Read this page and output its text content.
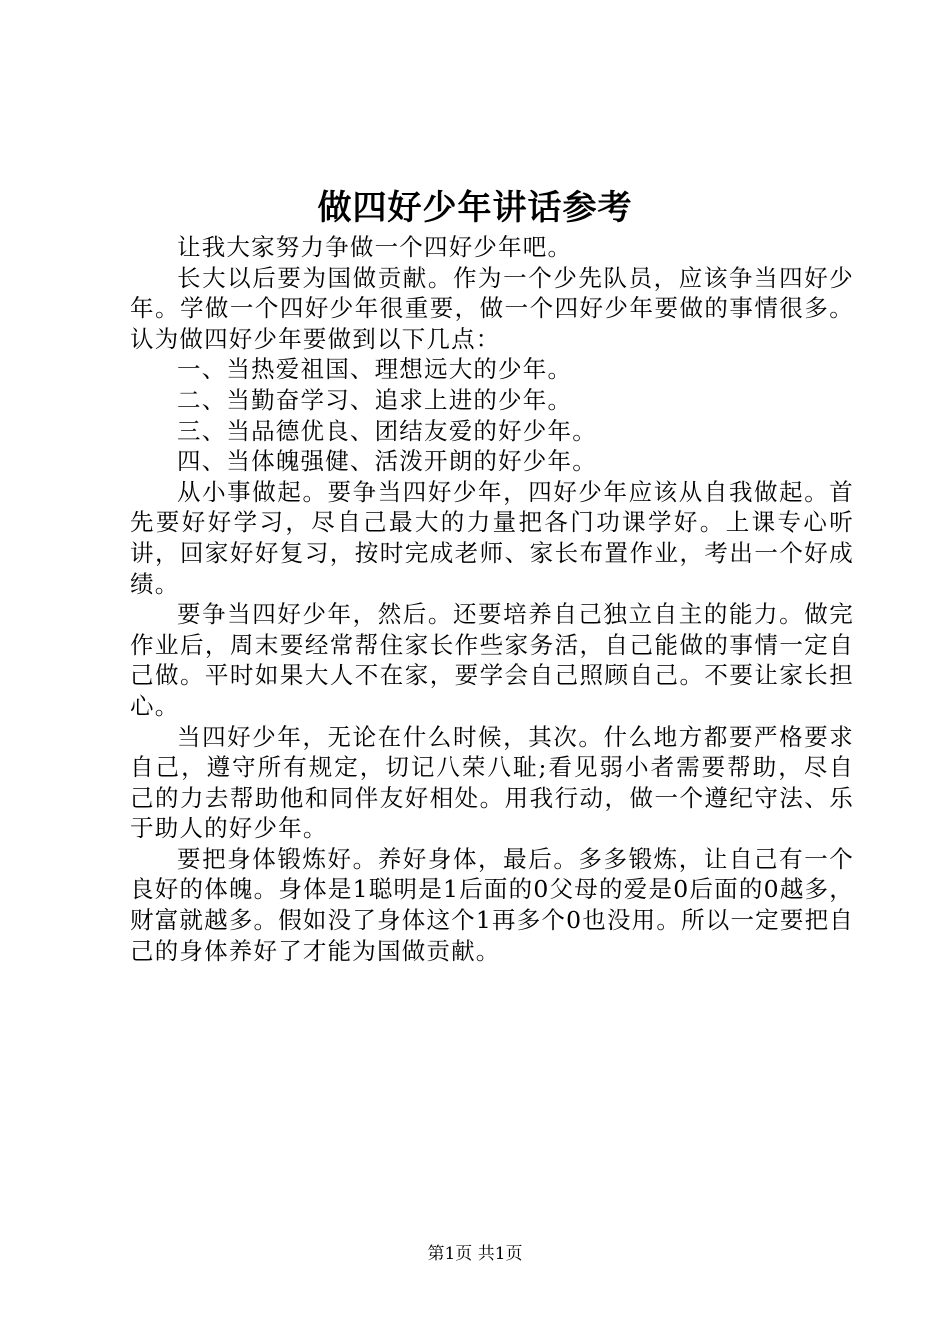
做四好少年讲话参考

让我大家努力争做一个四好少年吧。

长大以后要为国做贡献。作为一个少先队员，应该争当四好少年。学做一个四好少年很重要，做一个四好少年要做的事情很多。认为做四好少年要做到以下几点：

一、当热爱祖国、理想远大的少年。

二、当勤奋学习、追求上进的少年。

三、当品德优良、团结友爱的好少年。

四、当体魄强健、活泼开朗的好少年。

从小事做起。要争当四好少年，四好少年应该从自我做起。首先要好好学习，尽自己最大的力量把各门功课学好。上课专心听讲，回家好好复习，按时完成老师、家长布置作业，考出一个好成绩。

要争当四好少年，然后。还要培养自己独立自主的能力。做完作业后，周末要经常帮住家长作些家务活，自己能做的事情一定自己做。平时如果大人不在家，要学会自己照顾自己。不要让家长担心。

当四好少年，无论在什么时候，其次。什么地方都要严格要求自己，遵守所有规定，切记八荣八耻;看见弱小者需要帮助，尽自己的力去帮助他和同伴友好相处。用我行动，做一个遵纪守法、乐于助人的好少年。

要把身体锻炼好。养好身体，最后。多多锻炼，让自己有一个良好的体魄。身体是1聪明是1后面的0父母的爱是0后面的0越多，财富就越多。假如没了身体这个1再多个0也没用。所以一定要把自己的身体养好了才能为国做贡献。

第1页 共1页
